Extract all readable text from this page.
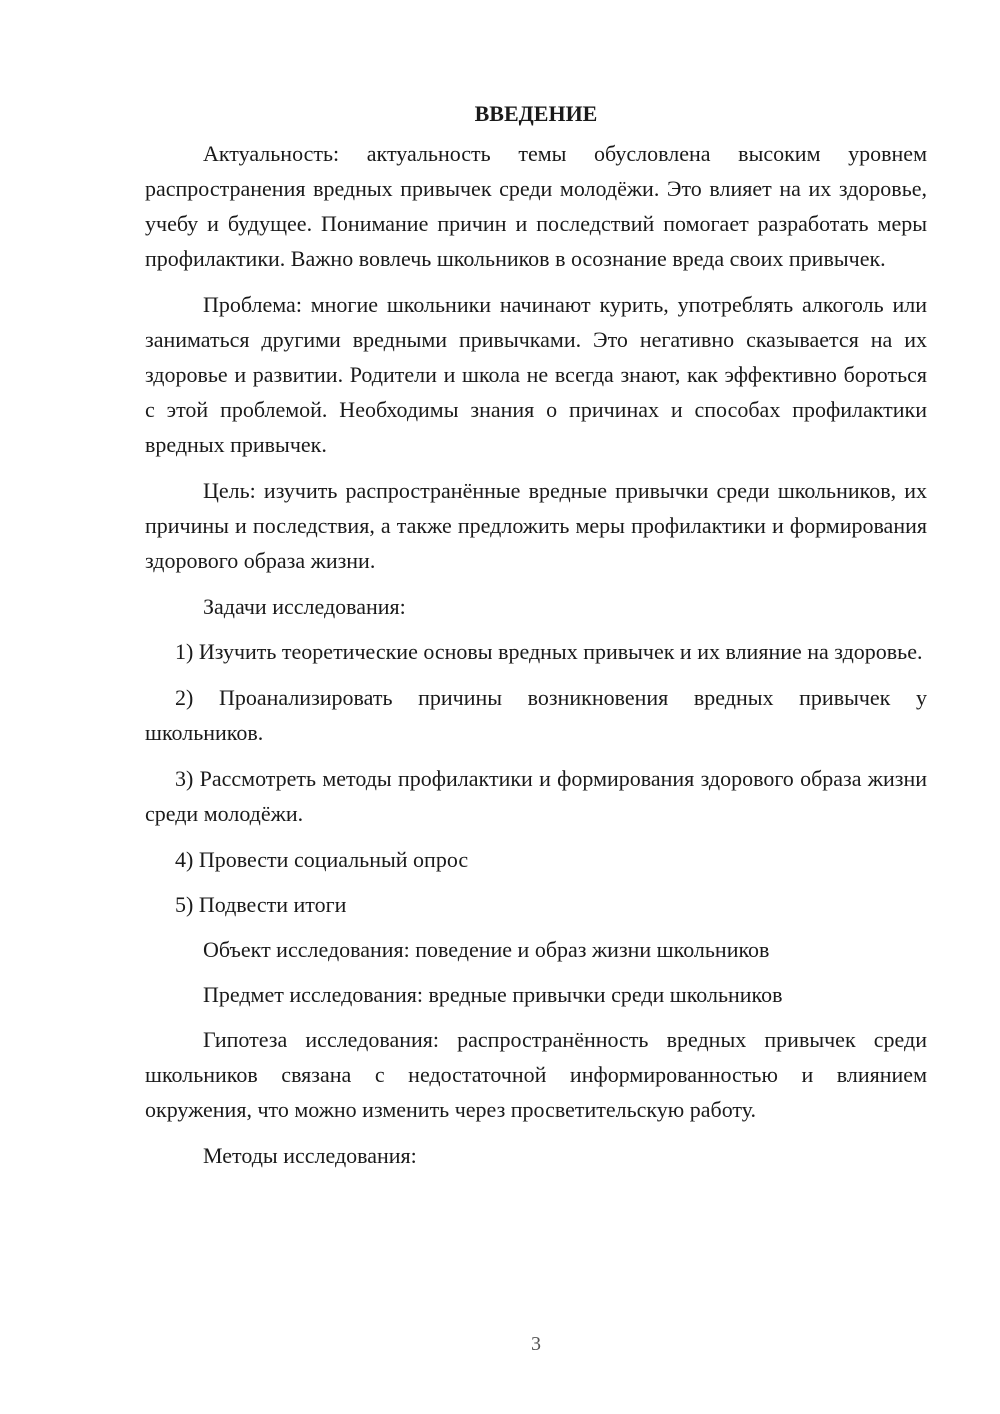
ВВЕДЕНИЕ

Актуальность: актуальность темы обусловлена высоким уровнем распространения вредных привычек среди молодёжи. Это влияет на их здоровье, учебу и будущее. Понимание причин и последствий помогает разработать меры профилактики. Важно вовлечь школьников в осознание вреда своих привычек.

Проблема: многие школьники начинают курить, употреблять алкоголь или заниматься другими вредными привычками. Это негативно сказывается на их здоровье и развитии. Родители и школа не всегда знают, как эффективно бороться с этой проблемой. Необходимы знания о причинах и способах профилактики вредных привычек.

Цель: изучить распространённые вредные привычки среди школьников, их причины и последствия, а также предложить меры профилактики и формирования здорового образа жизни.

Задачи исследования:

1) Изучить теоретические основы вредных привычек и их влияние на здоровье.

2) Проанализировать причины возникновения вредных привычек у школьников.

3) Рассмотреть методы профилактики и формирования здорового образа жизни среди молодёжи.

4) Провести социальный опрос
5) Подвести итоги
Объект исследования: поведение и образ жизни школьников
Предмет исследования: вредные привычки среди школьников

Гипотеза исследования: распространённость вредных привычек среди школьников связана с недостаточной информированностью и влиянием окружения, что можно изменить через просветительскую работу.

Методы исследования:
3
